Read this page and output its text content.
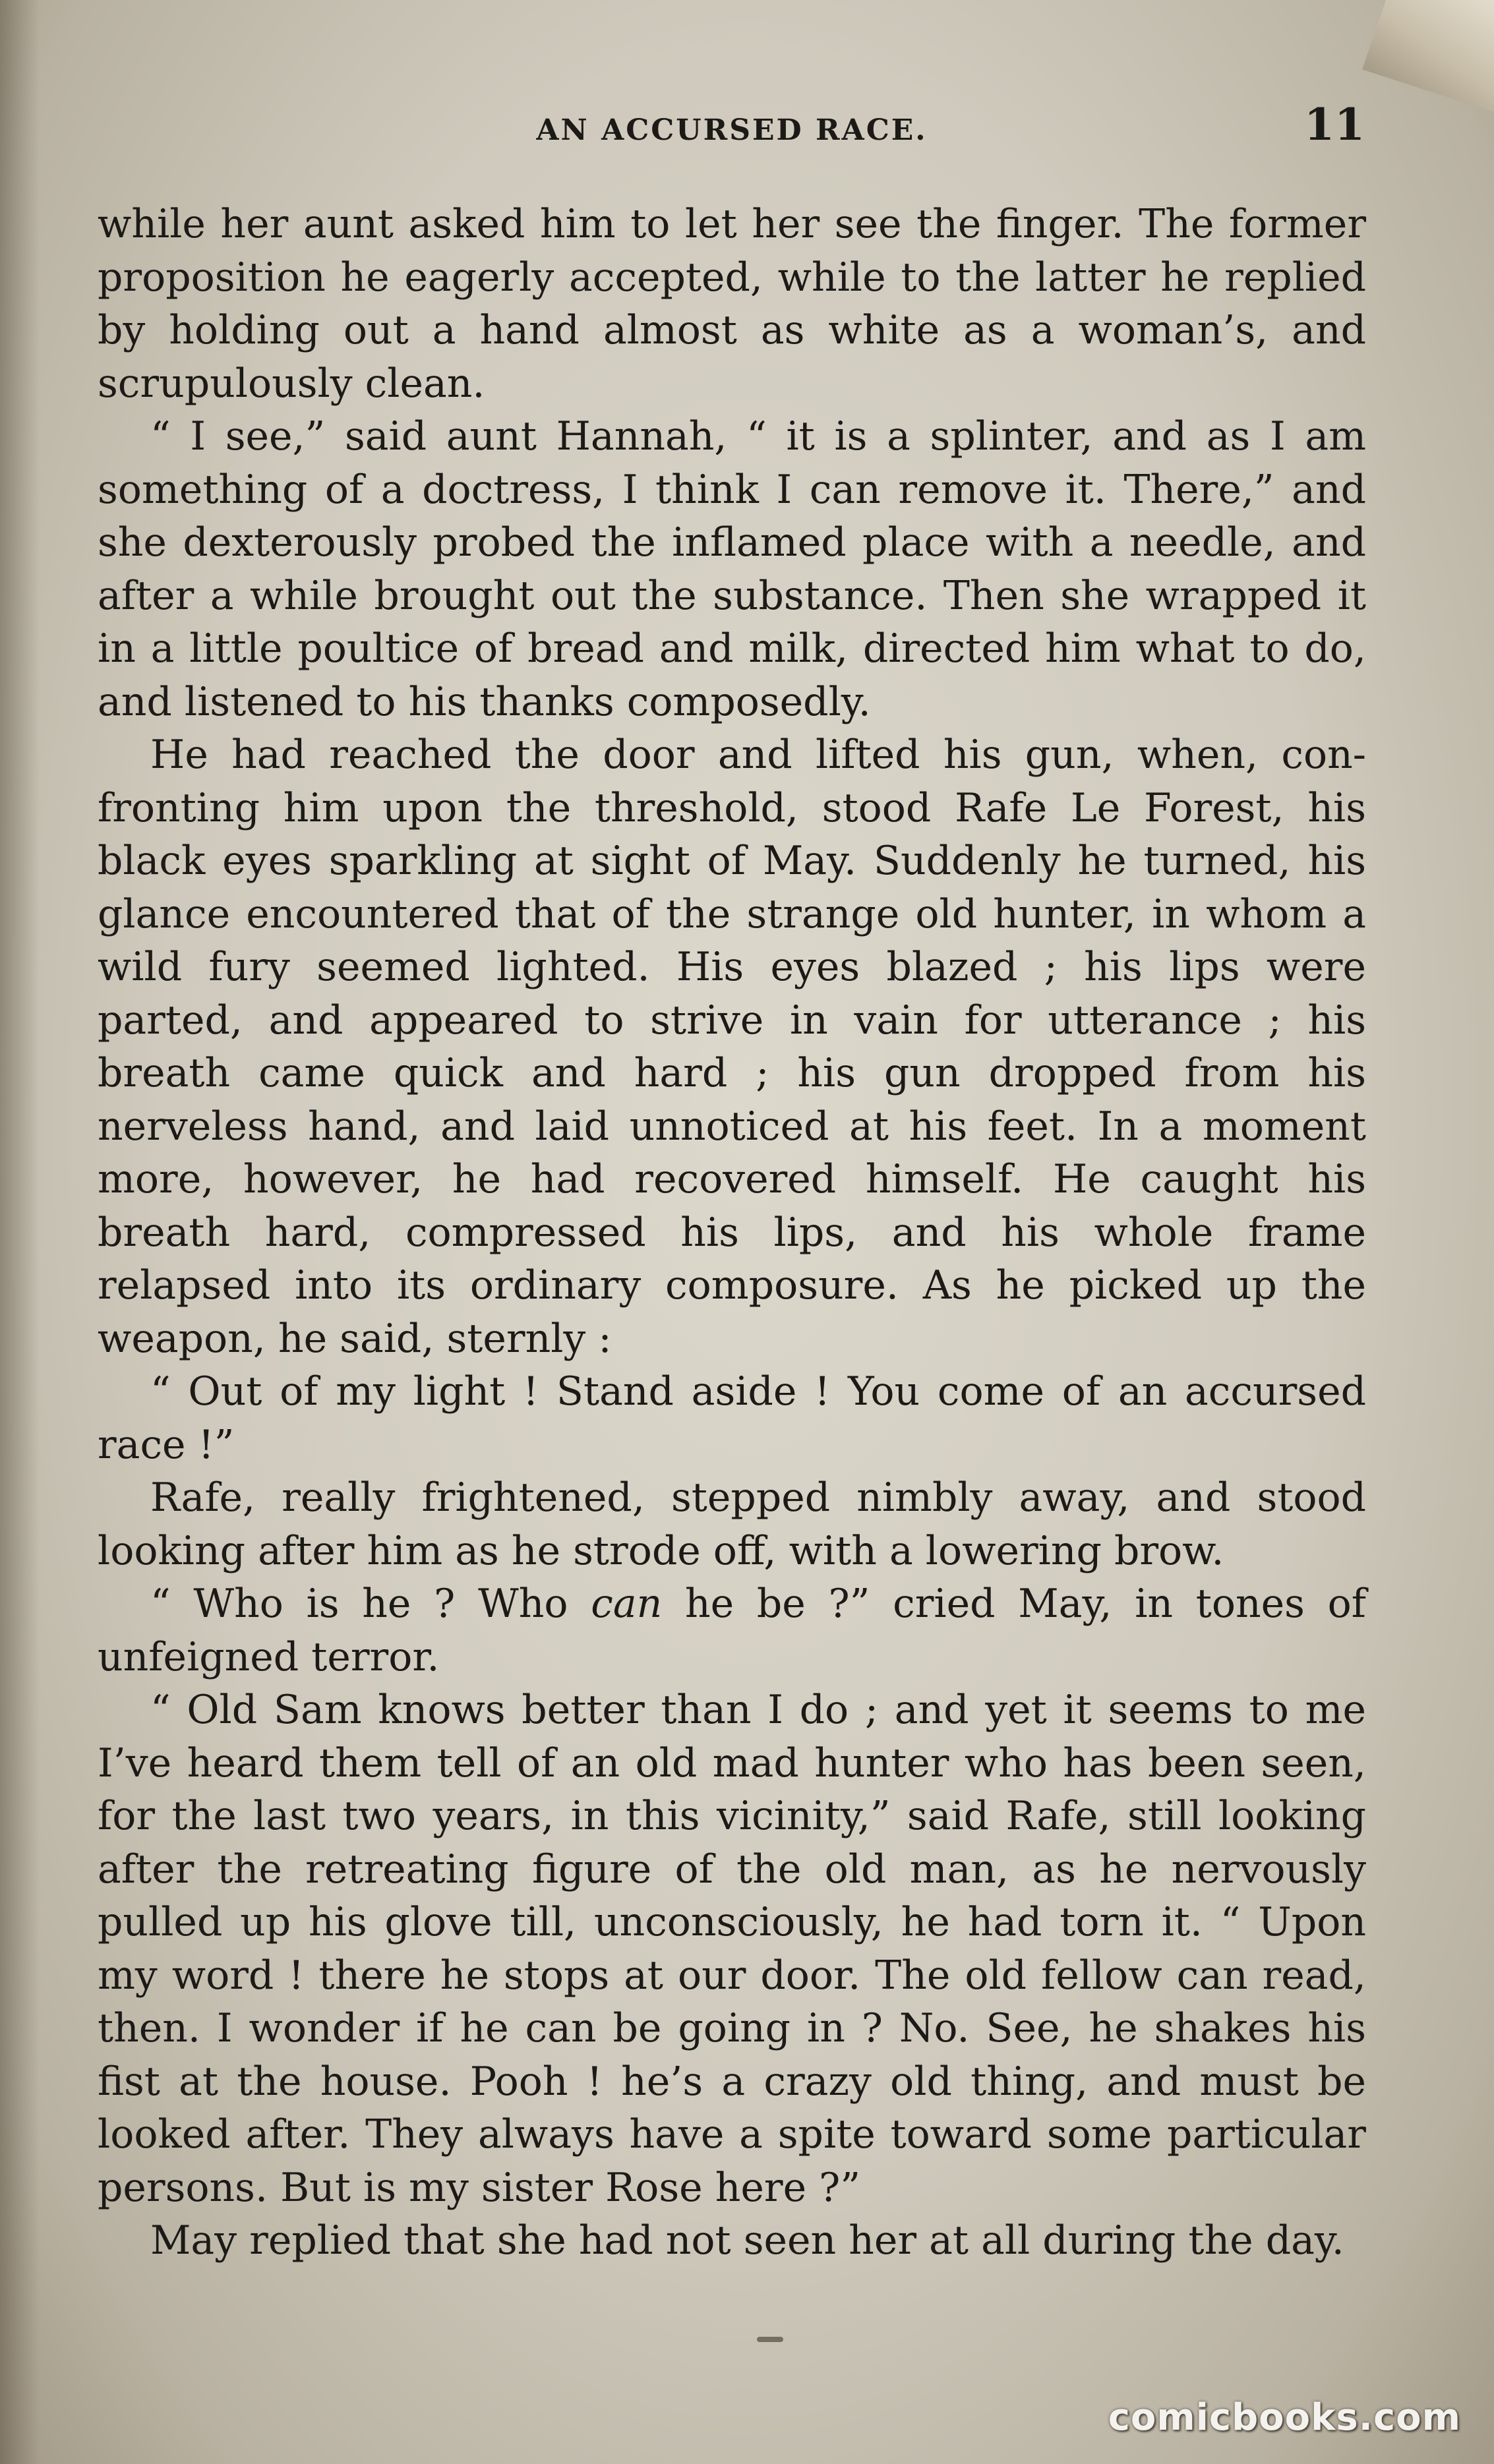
AN ACCURSED RACE.	11

while her aunt asked him to let her see the finger. The former proposition he eagerly accepted, while to the latter he replied by holding out a hand almost as white as a woman’s, and scrupulously clean.

“ I see,” said aunt Hannah, “ it is a splinter, and as I am something of a doctress, I think I can remove it. There,” and she dexterously probed the inflamed place with a needle, and after a while brought out the substance. Then she wrapped it in a little poultice of bread and milk, directed him what to do, and listened to his thanks composedly.

He had reached the door and lifted his gun, when, con- fronting him upon the threshold, stood Rafe Le Forest, his black eyes sparkling at sight of May. Suddenly he turned, his glance encountered that of the strange old hunter, in whom a wild fury seemed lighted. His eyes blazed ; his lips were parted, and appeared to strive in vain for utterance ; his breath came quick and hard ; his gun dropped from his nerveless hand, and laid unnoticed at his feet. In a moment more, however, he had recovered himself. He caught his breath hard, compressed his lips, and his whole frame relapsed into its ordinary composure. As he picked up the weapon, he said, sternly :

“ Out of my light ! Stand aside ! You come of an accursed race !”

Rafe, really frightened, stepped nimbly away, and stood looking after him as he strode off, with a lowering brow.

“ Who is he ? Who can he be ?” cried May, in tones of unfeigned terror.

“ Old Sam knows better than I do ; and yet it seems to me I’ve heard them tell of an old mad hunter who has been seen, for the last two years, in this vicinity,” said Rafe, still looking after the retreating figure of the old man, as he nervously pulled up his glove till, unconsciously, he had torn it. “ Upon my word ! there he stops at our door. The old fellow can read, then. I wonder if he can be going in ? No. See, he shakes his fist at the house. Pooh ! he’s a crazy old thing, and must be looked after. They always have a spite toward some particular persons. But is my sister Rose here ?”

May replied that she had not seen her at all during the day.

comicbooks.com
